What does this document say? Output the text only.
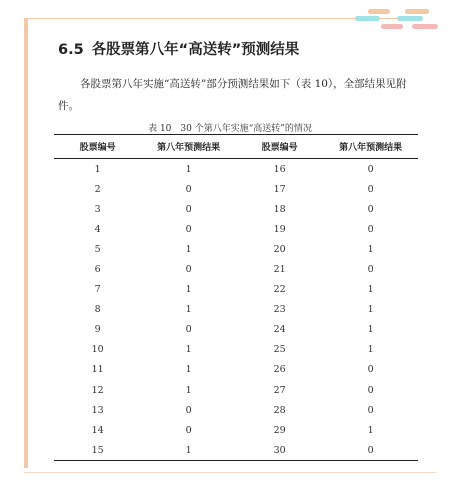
6.5 各股票第八年“高送转”预测结果

各股票第八年实施“高送转”部分预测结果如下（表 10），全部结果见附件。

表 10　30 个第八年实施“高送转”的情况

股票编号	第八年预测结果	股票编号	第八年预测结果
1	1	16	0
2	0	17	0
3	0	18	0
4	0	19	0
5	1	20	1
6	0	21	0
7	1	22	1
8	1	23	1
9	0	24	1
10	1	25	1
11	1	26	0
12	1	27	0
13	0	28	0
14	0	29	1
15	1	30	0
